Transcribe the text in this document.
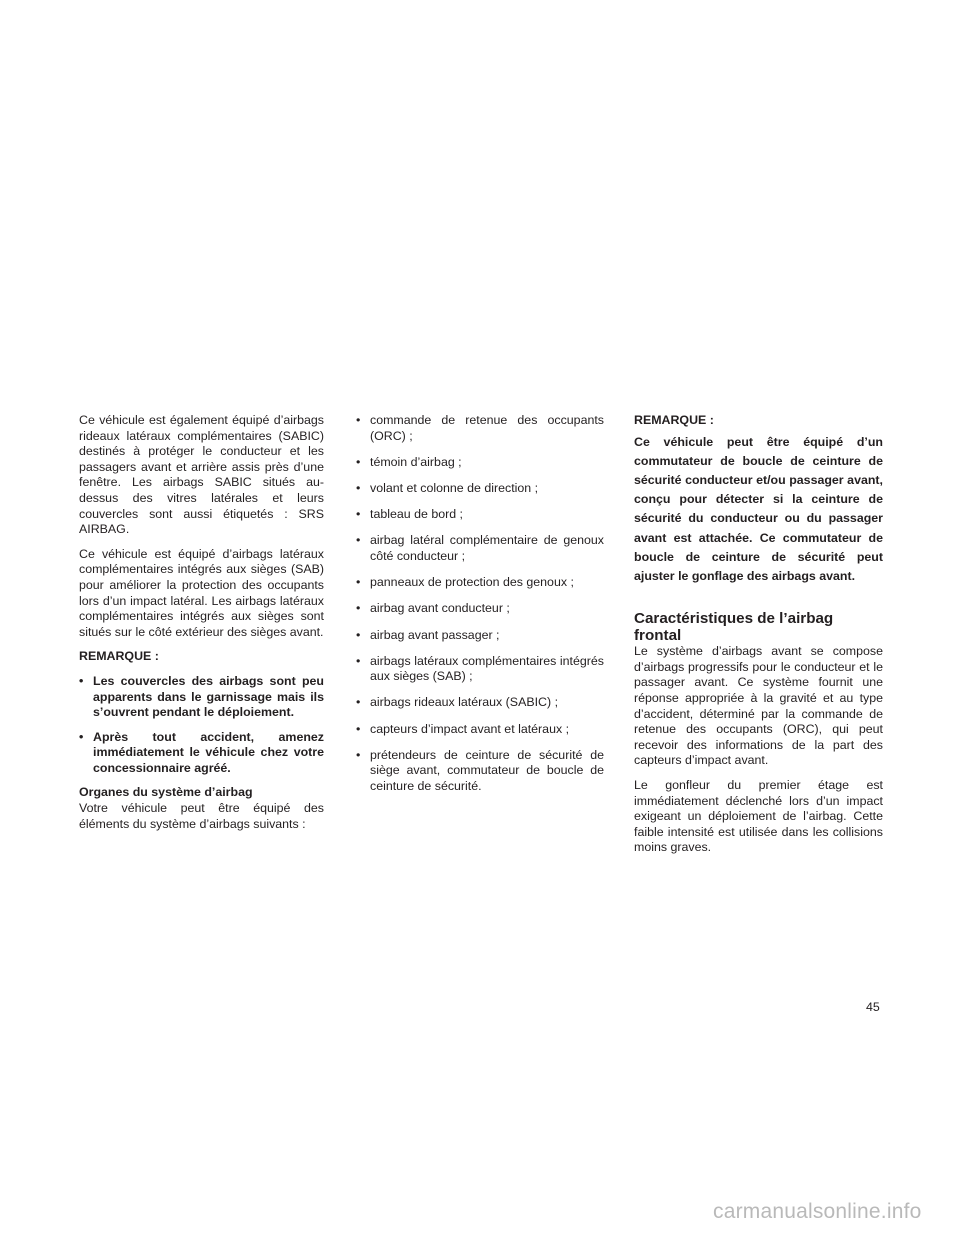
Ce véhicule est également équipé d’airbags rideaux latéraux complémentaires (SABIC) destinés à protéger le conducteur et les passagers avant et arrière assis près d’une fenêtre. Les airbags SABIC situés au-dessus des vitres latérales et leurs couvercles sont aussi étiquetés : SRS AIRBAG.

Ce véhicule est équipé d’airbags latéraux complémentaires intégrés aux sièges (SAB) pour améliorer la protection des occupants lors d’un impact latéral. Les airbags latéraux complémentaires intégrés aux sièges sont situés sur le côté extérieur des sièges avant.

REMARQUE :
• Les couvercles des airbags sont peu apparents dans le garnissage mais ils s’ouvrent pendant le déploiement.
• Après tout accident, amenez immédiatement le véhicule chez votre concessionnaire agréé.
Organes du système d’airbag

Votre véhicule peut être équipé des éléments du système d’airbags suivants :

• commande de retenue des occupants (ORC) ;
• témoin d’airbag ;
• volant et colonne de direction ;
• tableau de bord ;
• airbag latéral complémentaire de genoux côté conducteur ;
• panneaux de protection des genoux ;
• airbag avant conducteur ;
• airbag avant passager ;
• airbags latéraux complémentaires intégrés aux sièges (SAB) ;
• airbags rideaux latéraux (SABIC) ;
• capteurs d’impact avant et latéraux ;
• prétendeurs de ceinture de sécurité de siège avant, commutateur de boucle de ceinture de sécurité.
REMARQUE :

Ce véhicule peut être équipé d’un commutateur de boucle de ceinture de sécurité conducteur et/ou passager avant, conçu pour détecter si la ceinture de sécurité du conducteur ou du passager avant est attachée. Ce commutateur de boucle de ceinture de sécurité peut ajuster le gonflage des airbags avant.

Caractéristiques de l’airbag frontal

Le système d’airbags avant se compose d’airbags progressifs pour le conducteur et le passager avant. Ce système fournit une réponse appropriée à la gravité et au type d’accident, déterminé par la commande de retenue des occupants (ORC), qui peut recevoir des informations de la part des capteurs d’impact avant.

Le gonfleur du premier étage est immédiatement déclenché lors d’un impact exigeant un déploiement de l’airbag. Cette faible intensité est utilisée dans les collisions moins graves.

45
carmanualsonline.info
